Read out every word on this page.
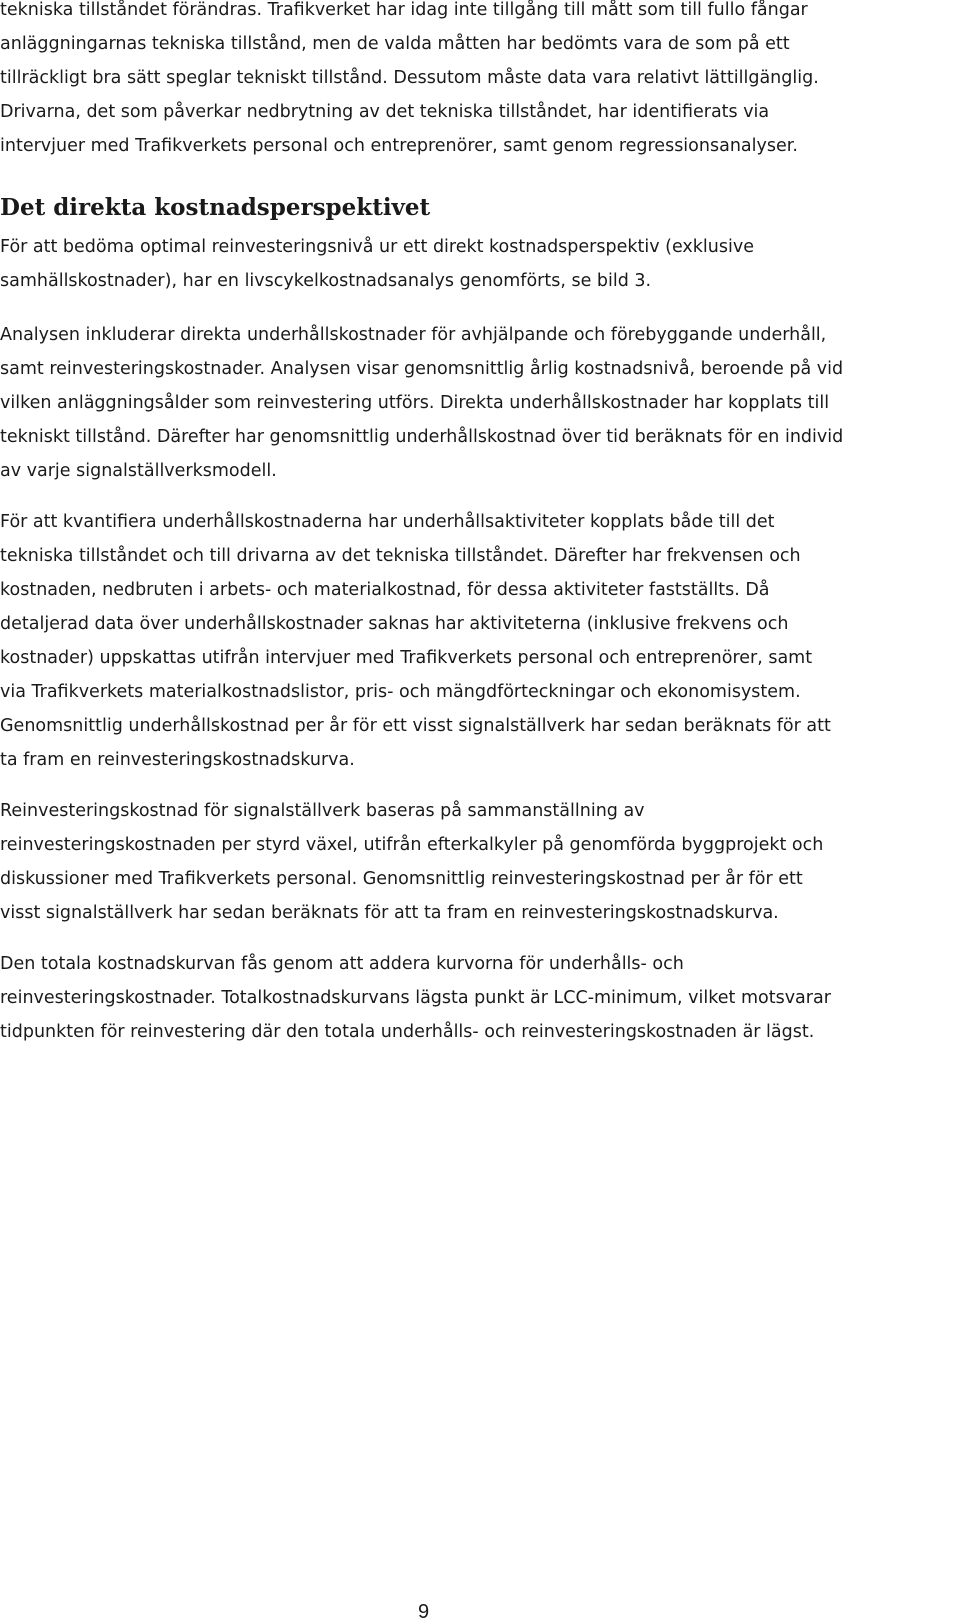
tekniska tillståndet förändras. Trafikverket har idag inte tillgång till mått som till fullo fångar
anläggningarnas tekniska tillstånd, men de valda måtten har bedömts vara de som på ett
tillräckligt bra sätt speglar tekniskt tillstånd. Dessutom måste data vara relativt lättillgänglig.
Drivarna, det som påverkar nedbrytning av det tekniska tillståndet, har identifierats via
intervjuer med Trafikverkets personal och entreprenörer, samt genom regressionsanalyser.
Det direkta kostnadsperspektivet
För att bedöma optimal reinvesteringsnivå ur ett direkt kostnadsperspektiv (exklusive
samhällskostnader), har en livscykelkostnadsanalys genomförts, se bild 3.
Analysen inkluderar direkta underhållskostnader för avhjälpande och förebyggande underhåll,
samt reinvesteringskostnader. Analysen visar genomsnittlig årlig kostnadsnivå, beroende på vid
vilken anläggningsålder som reinvestering utförs. Direkta underhållskostnader har kopplats till
tekniskt tillstånd. Därefter har genomsnittlig underhållskostnad över tid beräknats för en individ
av varje signalställverksmodell.
För att kvantifiera underhållskostnaderna har underhållsaktiviteter kopplats både till det
tekniska tillståndet och till drivarna av det tekniska tillståndet. Därefter har frekvensen och
kostnaden, nedbruten i arbets- och materialkostnad, för dessa aktiviteter fastställts. Då
detaljerad data över underhållskostnader saknas har aktiviteterna (inklusive frekvens och
kostnader) uppskattas utifrån intervjuer med Trafikverkets personal och entreprenörer, samt
via Trafikverkets materialkostnadslistor, pris- och mängdförteckningar och ekonomisystem.
Genomsnittlig underhållskostnad per år för ett visst signalställverk har sedan beräknats för att
ta fram en reinvesteringskostnadskurva.
Reinvesteringskostnad för signalställverk baseras på sammanställning av
reinvesteringskostnaden per styrd växel, utifrån efterkalkyler på genomförda byggprojekt och
diskussioner med Trafikverkets personal. Genomsnittlig reinvesteringskostnad per år för ett
visst signalställverk har sedan beräknats för att ta fram en reinvesteringskostnadskurva.
Den totala kostnadskurvan fås genom att addera kurvorna för underhålls- och
reinvesteringskostnader. Totalkostnadskurvans lägsta punkt är LCC-minimum, vilket motsvarar
tidpunkten för reinvestering där den totala underhålls- och reinvesteringskostnaden är lägst.
9
